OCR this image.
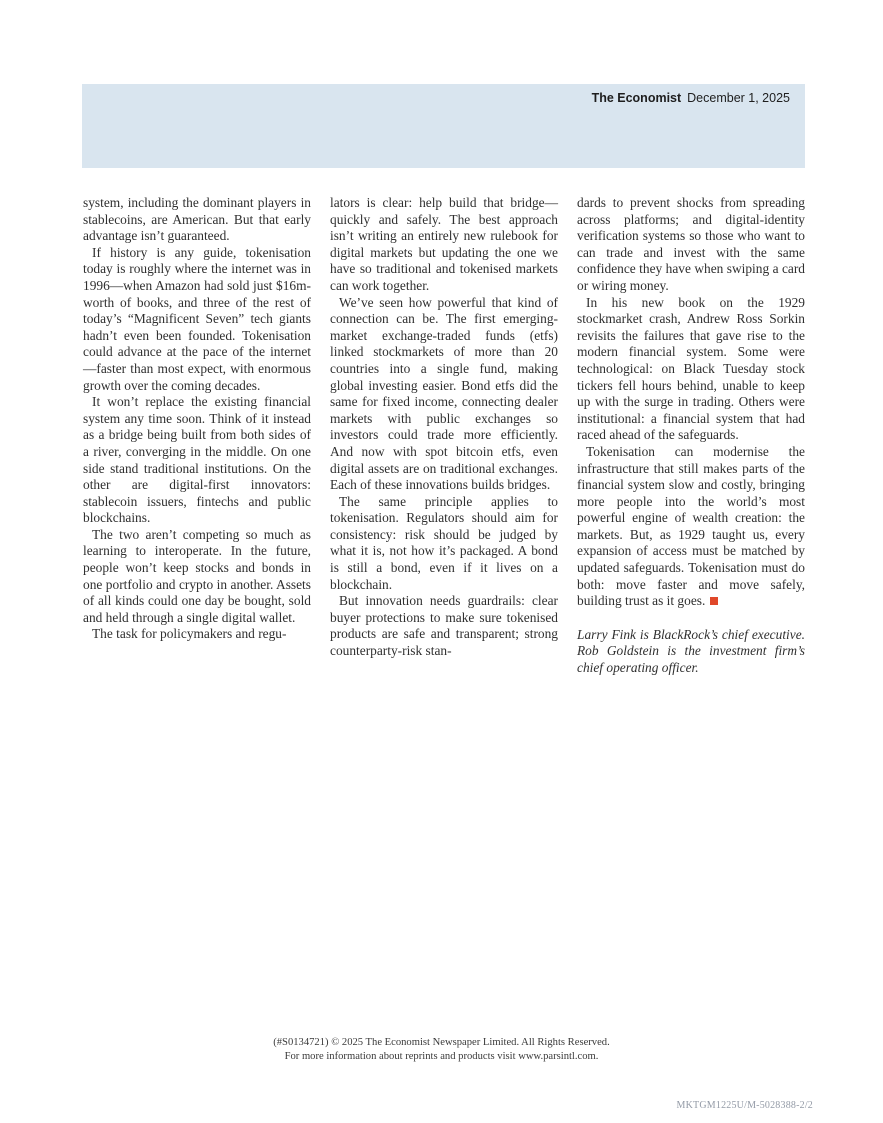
The Economist December 1, 2025

system, including the dominant players in stablecoins, are American. But that early advantage isn’t guaranteed.

If history is any guide, tokenisation today is roughly where the internet was in 1996—when Amazon had sold just $16m-worth of books, and three of the rest of today’s “Magnificent Seven” tech giants hadn’t even been founded. Tokenisation could advance at the pace of the internet—faster than most expect, with enormous growth over the coming decades.

It won’t replace the existing financial system any time soon. Think of it instead as a bridge being built from both sides of a river, converging in the middle. On one side stand traditional institutions. On the other are digital-first innovators: stablecoin issuers, fintechs and public blockchains.

The two aren’t competing so much as learning to interoperate. In the future, people won’t keep stocks and bonds in one portfolio and crypto in another. Assets of all kinds could one day be bought, sold and held through a single digital wallet.

The task for policymakers and regu-

lators is clear: help build that bridge—quickly and safely. The best approach isn’t writing an entirely new rulebook for digital markets but updating the one we have so traditional and tokenised markets can work together.

We’ve seen how powerful that kind of connection can be. The first emerging-market exchange-traded funds (etfs) linked stockmarkets of more than 20 countries into a single fund, making global investing easier. Bond etfs did the same for fixed income, connecting dealer markets with public exchanges so investors could trade more efficiently. And now with spot bitcoin etfs, even digital assets are on traditional exchanges. Each of these innovations builds bridges.

The same principle applies to tokenisation. Regulators should aim for consistency: risk should be judged by what it is, not how it’s packaged. A bond is still a bond, even if it lives on a blockchain.

But innovation needs guardrails: clear buyer protections to make sure tokenised products are safe and transparent; strong counterparty-risk stan-

dards to prevent shocks from spreading across platforms; and digital-identity verification systems so those who want to can trade and invest with the same confidence they have when swiping a card or wiring money.

In his new book on the 1929 stockmarket crash, Andrew Ross Sorkin revisits the failures that gave rise to the modern financial system. Some were technological: on Black Tuesday stock tickers fell hours behind, unable to keep up with the surge in trading. Others were institutional: a financial system that had raced ahead of the safeguards.

Tokenisation can modernise the infrastructure that still makes parts of the financial system slow and costly, bringing more people into the world’s most powerful engine of wealth creation: the markets. But, as 1929 taught us, every expansion of access must be matched by updated safeguards. Tokenisation must do both: move faster and move safely, building trust as it goes.

Larry Fink is BlackRock’s chief executive. Rob Goldstein is the investment firm’s chief operating officer.

(#S0134721) © 2025 The Economist Newspaper Limited. All Rights Reserved.
For more information about reprints and products visit www.parsintl.com.
MKTGM1225U/M-5028388-2/2
